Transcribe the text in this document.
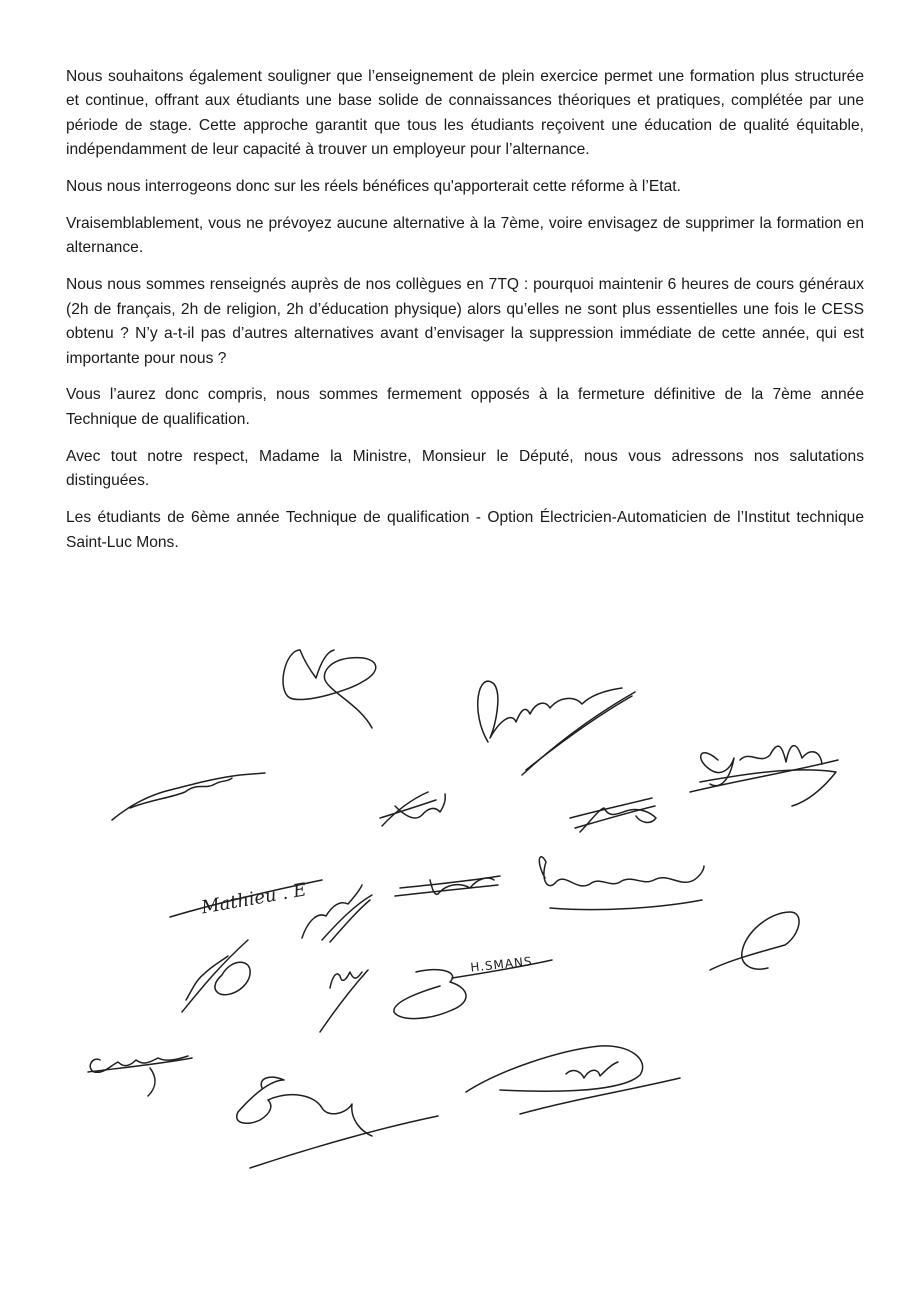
Nous souhaitons également souligner que l’enseignement de plein exercice permet une formation plus structurée et continue, offrant aux étudiants une base solide de connaissances théoriques et pratiques, complétée par une période de stage. Cette approche garantit que tous les étudiants reçoivent une éducation de qualité équitable, indépendamment de leur capacité à trouver un employeur pour l’alternance.

Nous nous interrogeons donc sur les réels bénéfices qu'apporterait cette réforme à l’Etat.

Vraisemblablement, vous ne prévoyez aucune alternative à la 7ème, voire envisagez de supprimer la formation en alternance.

Nous nous sommes renseignés auprès de nos collègues en 7TQ : pourquoi maintenir 6 heures de cours généraux (2h de français, 2h de religion, 2h d’éducation physique) alors qu’elles ne sont plus essentielles une fois le CESS obtenu ? N’y a-t-il pas d’autres alternatives avant d’envisager la suppression immédiate de cette année, qui est importante pour nous ?

Vous l’aurez donc compris, nous sommes fermement opposés à la fermeture définitive de la 7ème année Technique de qualification.

Avec tout notre respect, Madame la Ministre, Monsieur le Député, nous vous adressons nos salutations distinguées.

Les étudiants de 6ème année Technique de qualification - Option Électricien-Automaticien de l’Institut technique Saint-Luc Mons.

Mathieu . E
H.SMANS
